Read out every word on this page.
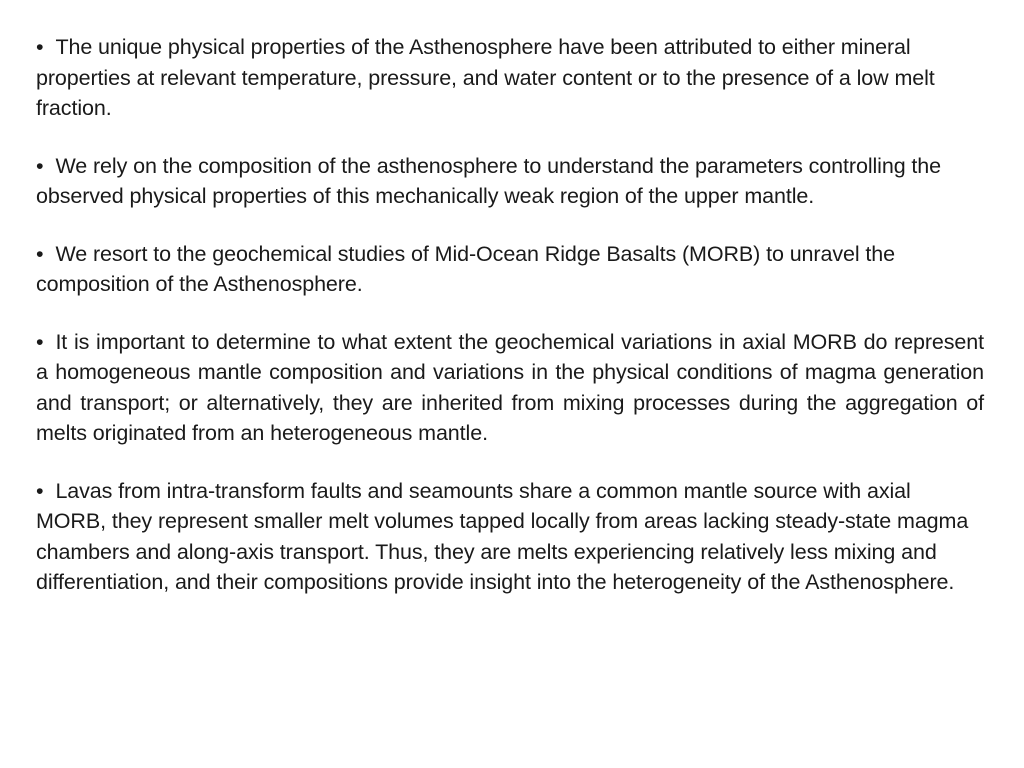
• The unique physical properties of the Asthenosphere have been attributed to either mineral properties at relevant temperature, pressure, and water content or to the presence of a low melt fraction.

• We rely on the composition of the asthenosphere to understand the parameters controlling the observed physical properties of this mechanically weak region of the upper mantle.

• We resort to the geochemical studies of Mid-Ocean Ridge Basalts (MORB) to unravel the composition of the Asthenosphere.

• It is important to determine to what extent the geochemical variations in axial MORB do represent a homogeneous mantle composition and variations in the physical conditions of magma generation and transport; or alternatively, they are inherited from mixing processes during the aggregation of melts originated from an heterogeneous mantle.

• Lavas from intra-transform faults and seamounts share a common mantle source with axial MORB, they represent smaller melt volumes tapped locally from areas lacking steady-state magma chambers and along-axis transport. Thus, they are melts experiencing relatively less mixing and differentiation, and their compositions provide insight into the heterogeneity of the Asthenosphere.
